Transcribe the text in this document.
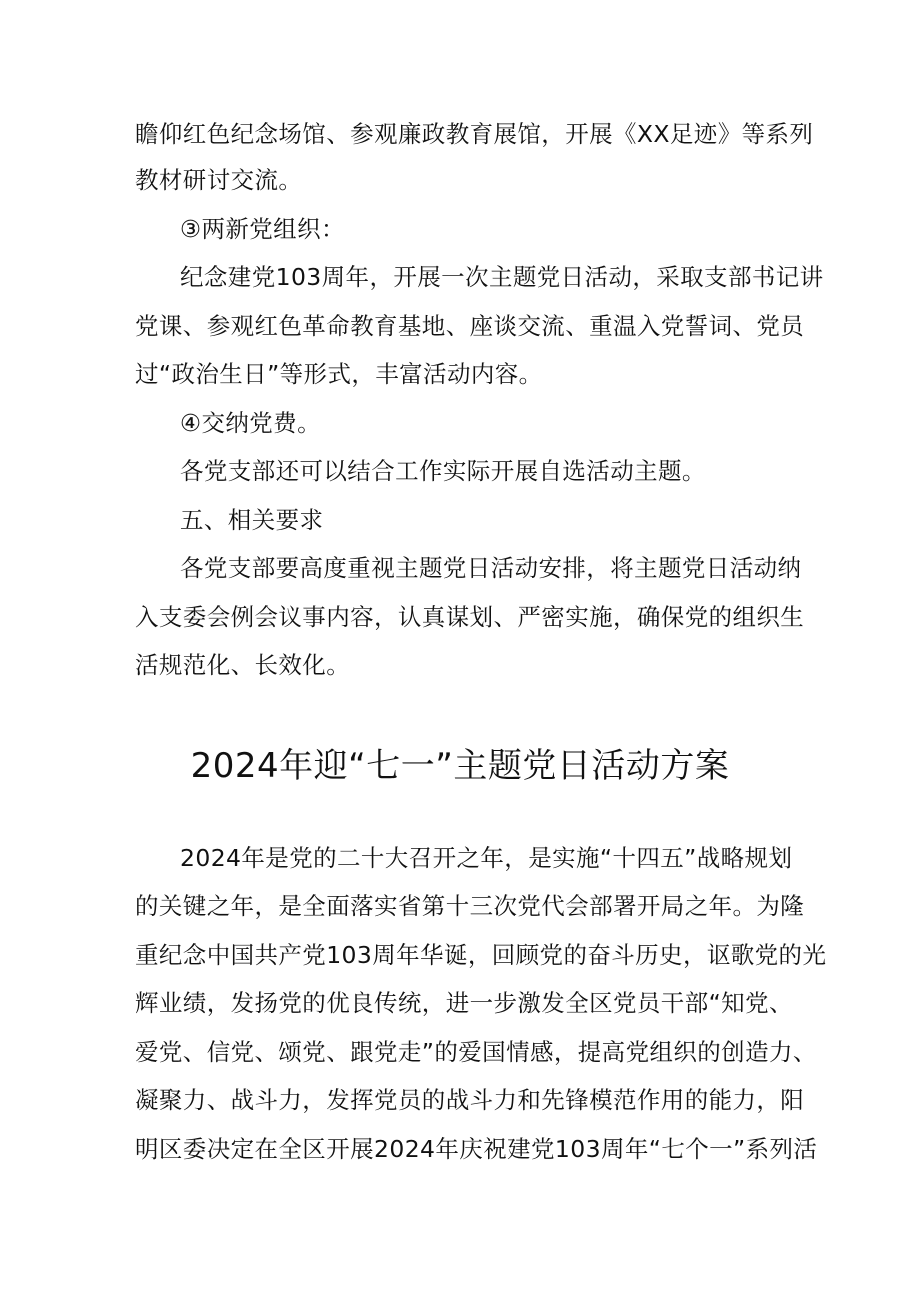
瞻仰红色纪念场馆、参观廉政教育展馆，开展《XX足迹》等系列
教材研讨交流。
③两新党组织：
纪念建党103周年，开展一次主题党日活动，采取支部书记讲
党课、参观红色革命教育基地、座谈交流、重温入党誓词、党员
过“政治生日”等形式，丰富活动内容。
④交纳党费。
各党支部还可以结合工作实际开展自选活动主题。
五、相关要求
各党支部要高度重视主题党日活动安排，将主题党日活动纳
入支委会例会议事内容，认真谋划、严密实施，确保党的组织生
活规范化、长效化。
2024年迎“七一”主题党日活动方案
2024年是党的二十大召开之年，是实施“十四五”战略规划
的关键之年，是全面落实省第十三次党代会部署开局之年。为隆
重纪念中国共产党103周年华诞，回顾党的奋斗历史，讴歌党的光
辉业绩，发扬党的优良传统，进一步激发全区党员干部“知党、
爱党、信党、颂党、跟党走”的爱国情感，提高党组织的创造力、
凝聚力、战斗力，发挥党员的战斗力和先锋模范作用的能力，阳
明区委决定在全区开展2024年庆祝建党103周年“七个一”系列活
